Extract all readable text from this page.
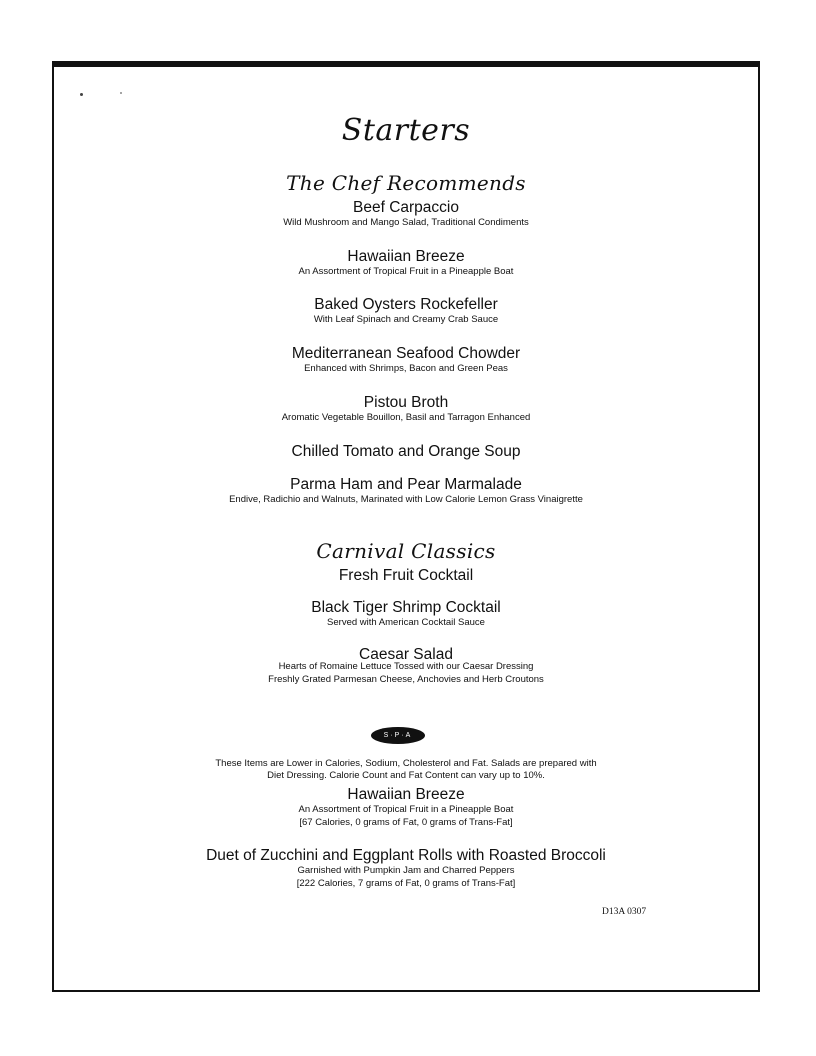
Starters
The Chef Recommends
Beef Carpaccio
Wild Mushroom and Mango Salad, Traditional Condiments
Hawaiian Breeze
An Assortment of Tropical Fruit in a Pineapple Boat
Baked Oysters Rockefeller
With Leaf Spinach and Creamy Crab Sauce
Mediterranean Seafood Chowder
Enhanced with Shrimps, Bacon and Green Peas
Pistou Broth
Aromatic Vegetable Bouillon, Basil and Tarragon Enhanced
Chilled Tomato and Orange Soup
Parma Ham and Pear Marmalade
Endive, Radichio and Walnuts, Marinated with Low Calorie Lemon Grass Vinaigrette
Carnival Classics
Fresh Fruit Cocktail
Black Tiger Shrimp Cocktail
Served with American Cocktail Sauce
Caesar Salad
Hearts of Romaine Lettuce Tossed with our Caesar Dressing
Freshly Grated Parmesan Cheese, Anchovies and Herb Croutons
S·P·A
These Items are Lower in Calories, Sodium, Cholesterol and Fat. Salads are prepared with
Diet Dressing. Calorie Count and Fat Content can vary up to 10%.
Hawaiian Breeze
An Assortment of Tropical Fruit in a Pineapple Boat
[67 Calories, 0 grams of Fat, 0 grams of Trans-Fat]
Duet of Zucchini and Eggplant Rolls with Roasted Broccoli
Garnished with Pumpkin Jam and Charred Peppers
[222 Calories, 7 grams of Fat, 0 grams of Trans-Fat]
D13A 0307
